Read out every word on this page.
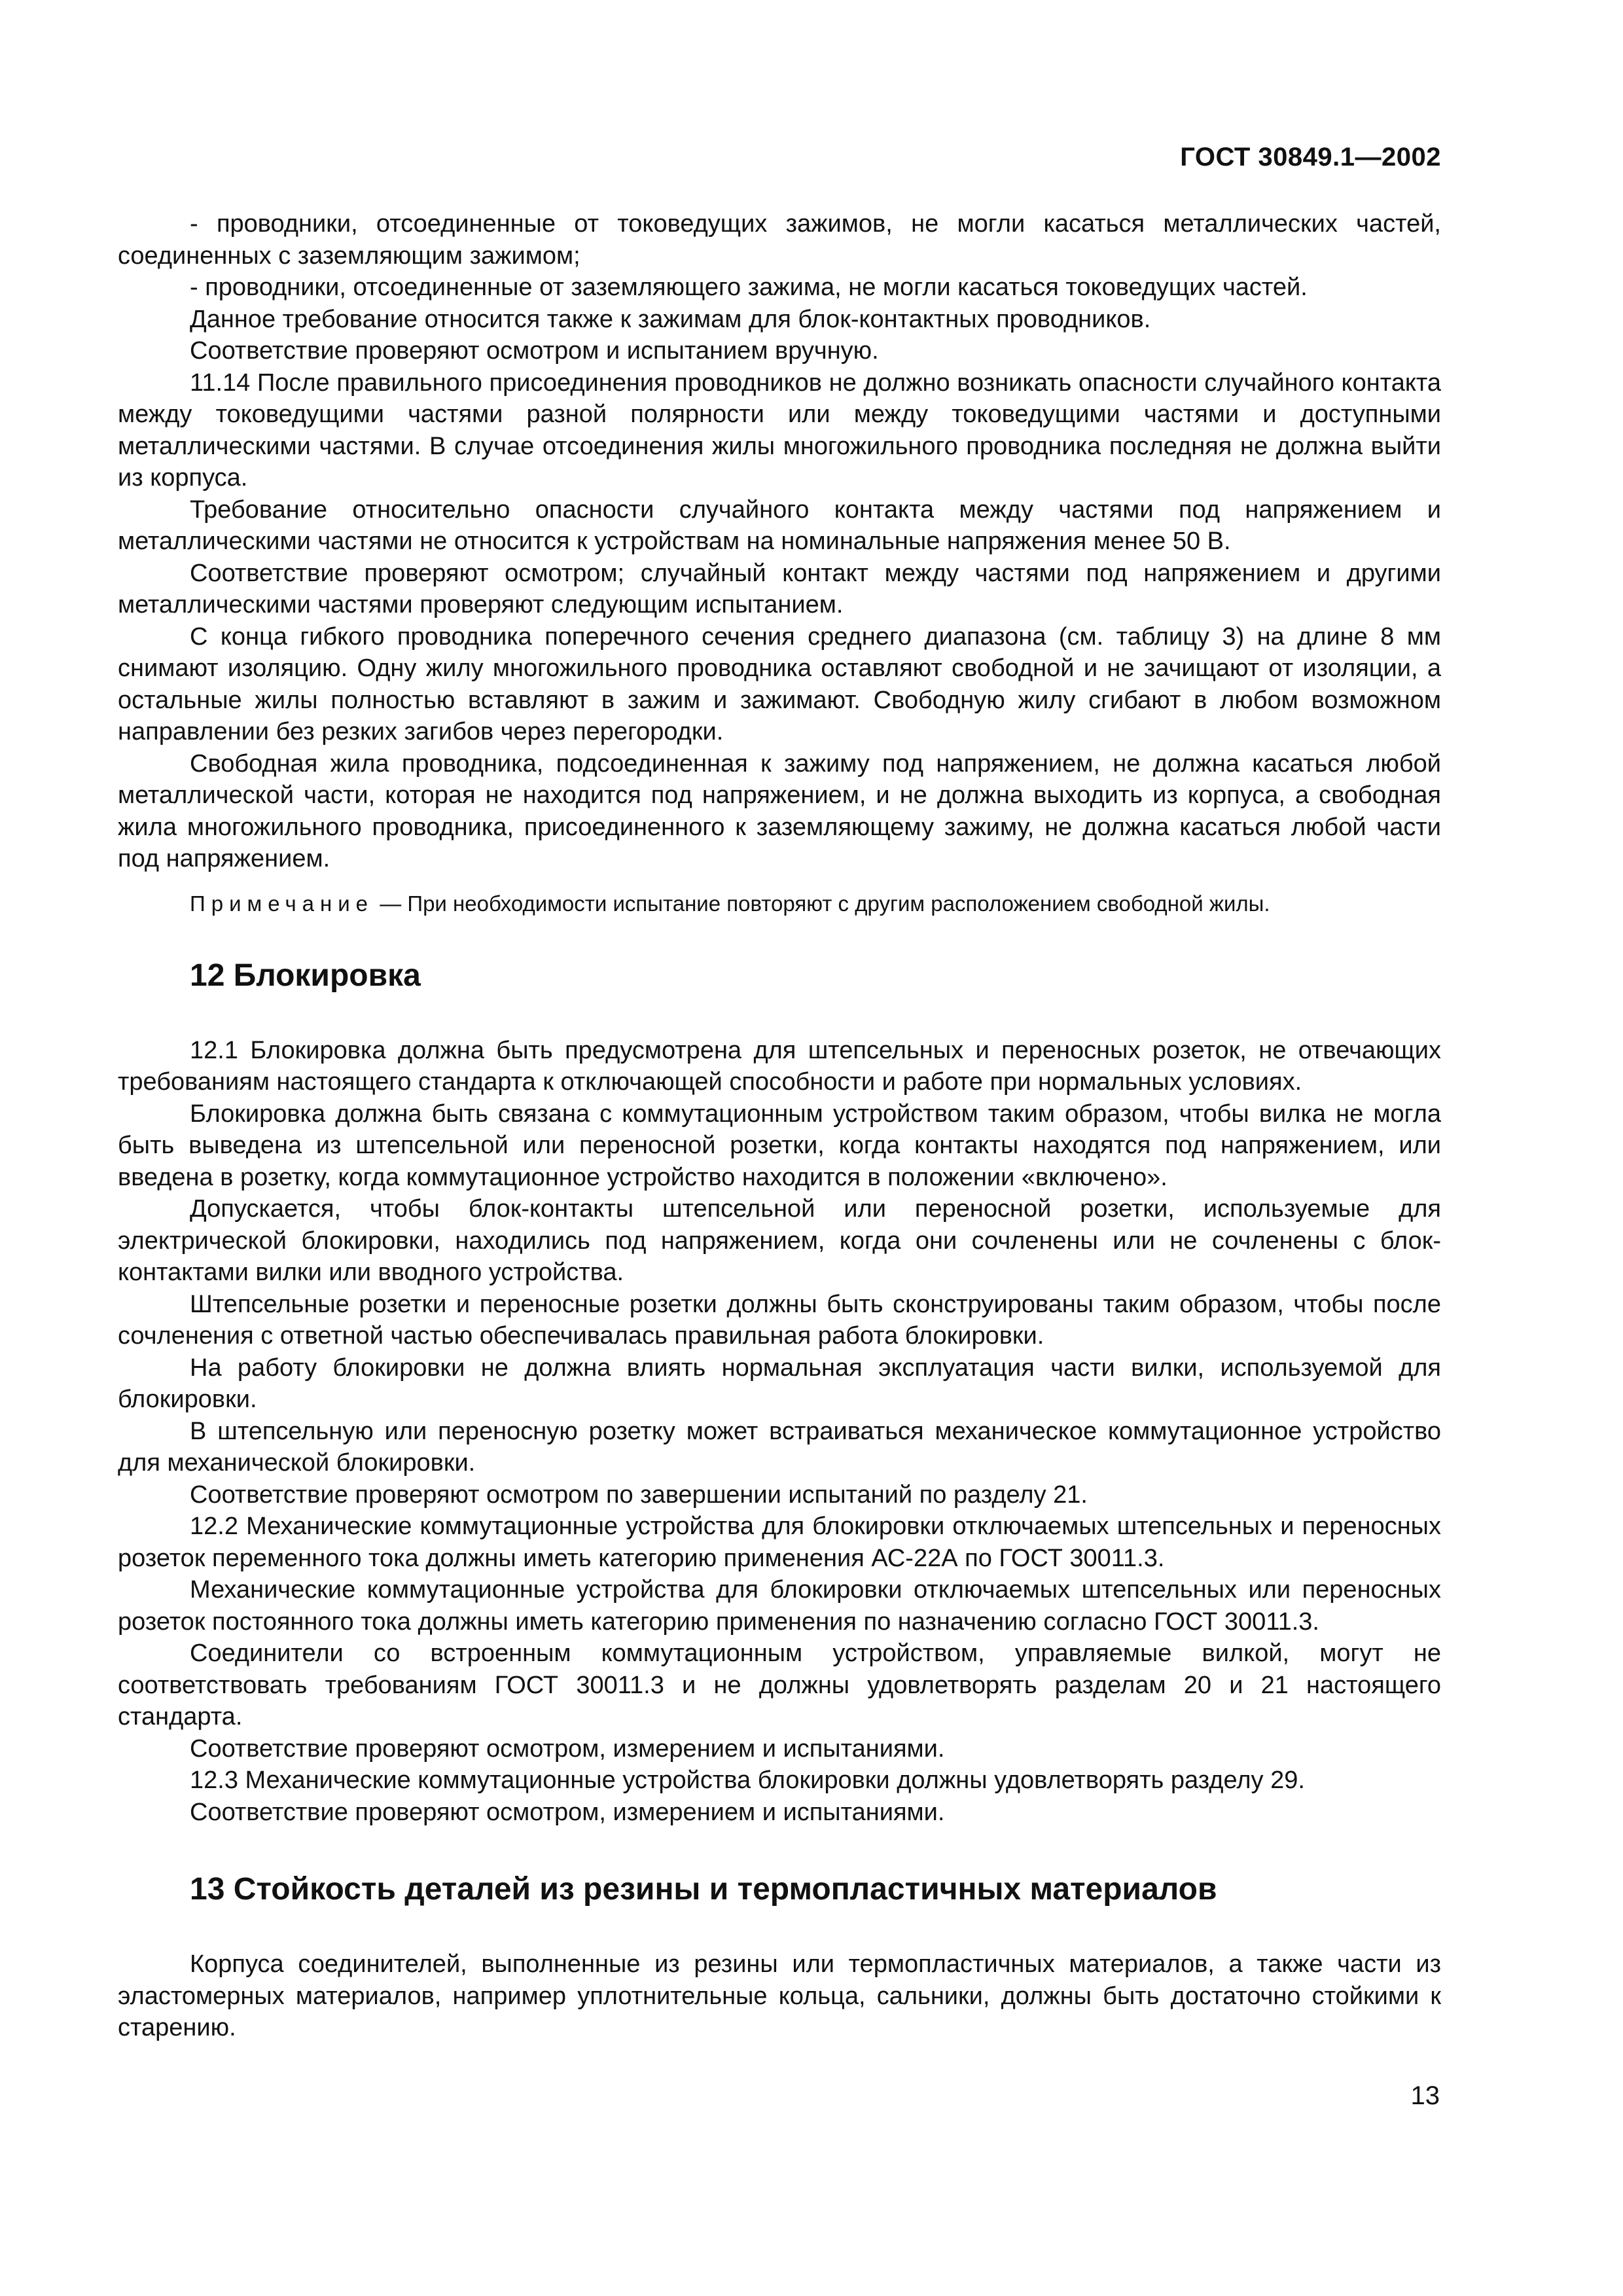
ГОСТ 30849.1—2002

- проводники, отсоединенные от токоведущих зажимов, не могли касаться металлических частей, соединенных с заземляющим зажимом;

- проводники, отсоединенные от заземляющего зажима, не могли касаться токоведущих частей.

Данное требование относится также к зажимам для блок-контактных проводников.

Соответствие проверяют осмотром и испытанием вручную.

11.14 После правильного присоединения проводников не должно возникать опасности случайного контакта между токоведущими частями разной полярности или между токоведущими частями и доступными металлическими частями. В случае отсоединения жилы многожильного проводника последняя не должна выйти из корпуса.

Требование относительно опасности случайного контакта между частями под напряжением и металлическими частями не относится к устройствам на номинальные напряжения менее 50 В.

Соответствие проверяют осмотром; случайный контакт между частями под напряжением и другими металлическими частями проверяют следующим испытанием.

С конца гибкого проводника поперечного сечения среднего диапазона (см. таблицу 3) на длине 8 мм снимают изоляцию. Одну жилу многожильного проводника оставляют свободной и не зачищают от изоляции, а остальные жилы полностью вставляют в зажим и зажимают. Свободную жилу сгибают в любом возможном направлении без резких загибов через перегородки.

Свободная жила проводника, подсоединенная к зажиму под напряжением, не должна касаться любой металлической части, которая не находится под напряжением, и не должна выходить из корпуса, а свободная жила многожильного проводника, присоединенного к заземляющему зажиму, не должна касаться любой части под напряжением.

Примечание — При необходимости испытание повторяют с другим расположением свободной жилы.

12 Блокировка

12.1 Блокировка должна быть предусмотрена для штепсельных и переносных розеток, не отвечающих требованиям настоящего стандарта к отключающей способности и работе при нормальных условиях.

Блокировка должна быть связана с коммутационным устройством таким образом, чтобы вилка не могла быть выведена из штепсельной или переносной розетки, когда контакты находятся под напряжением, или введена в розетку, когда коммутационное устройство находится в положении «включено».

Допускается, чтобы блок-контакты штепсельной или переносной розетки, используемые для электрической блокировки, находились под напряжением, когда они сочленены или не сочленены с блок-контактами вилки или вводного устройства.

Штепсельные розетки и переносные розетки должны быть сконструированы таким образом, чтобы после сочленения с ответной частью обеспечивалась правильная работа блокировки.

На работу блокировки не должна влиять нормальная эксплуатация части вилки, используемой для блокировки.

В штепсельную или переносную розетку может встраиваться механическое коммутационное устройство для механической блокировки.

Соответствие проверяют осмотром по завершении испытаний по разделу 21.

12.2 Механические коммутационные устройства для блокировки отключаемых штепсельных и переносных розеток переменного тока должны иметь категорию применения АС-22А по ГОСТ 30011.3.

Механические коммутационные устройства для блокировки отключаемых штепсельных или переносных розеток постоянного тока должны иметь категорию применения по назначению согласно ГОСТ 30011.3.

Соединители со встроенным коммутационным устройством, управляемые вилкой, могут не соответствовать требованиям ГОСТ 30011.3 и не должны удовлетворять разделам 20 и 21 настоящего стандарта.

Соответствие проверяют осмотром, измерением и испытаниями.

12.3 Механические коммутационные устройства блокировки должны удовлетворять разделу 29.

Соответствие проверяют осмотром, измерением и испытаниями.

13 Стойкость деталей из резины и термопластичных материалов

Корпуса соединителей, выполненные из резины или термопластичных материалов, а также части из эластомерных материалов, например уплотнительные кольца, сальники, должны быть достаточно стойкими к старению.

13
